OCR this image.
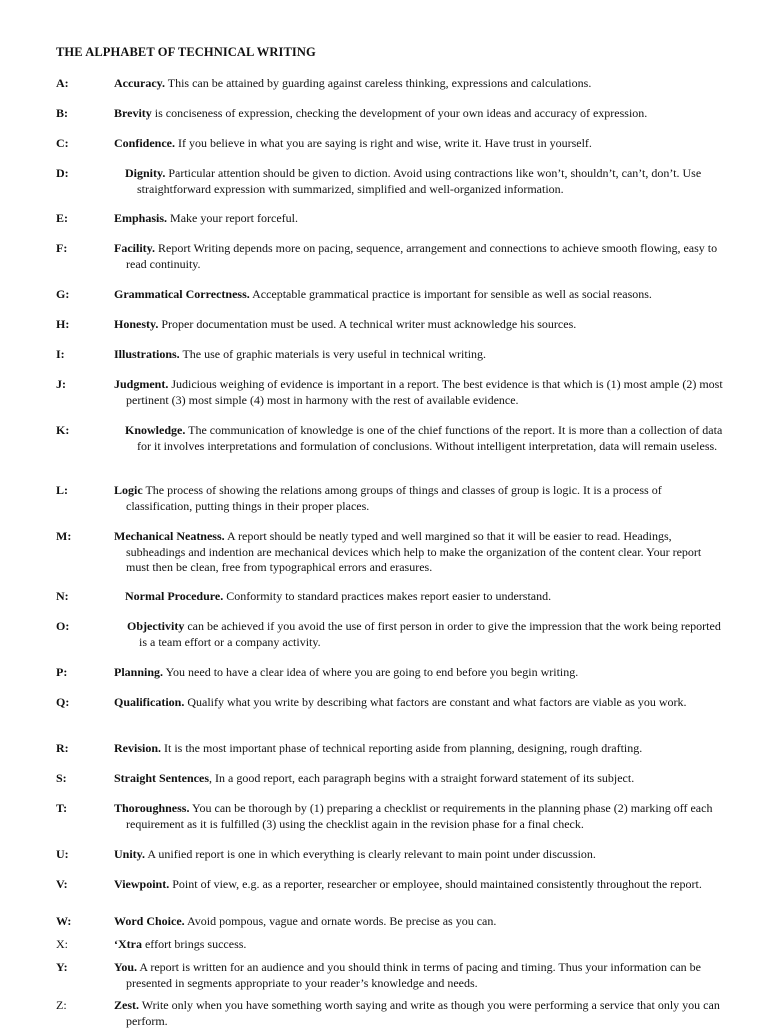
THE ALPHABET OF TECHNICAL WRITING
A:	Accuracy. This can be attained by guarding against careless thinking, expressions and calculations.
B:	Brevity is conciseness of expression, checking the development of your own ideas and accuracy of expression.
C:	Confidence. If you believe in what you are saying is right and wise, write it. Have trust in yourself.
D:	Dignity. Particular attention should be given to diction. Avoid using contractions like won’t, shouldn’t, can’t, don’t. Use straightforward expression with summarized, simplified and well-organized information.
E:	Emphasis. Make your report forceful.
F:	Facility. Report Writing depends more on pacing, sequence, arrangement and connections to achieve smooth flowing, easy to read continuity.
G:	Grammatical Correctness. Acceptable grammatical practice is important for sensible as well as social reasons.
H:	Honesty. Proper documentation must be used. A technical writer must acknowledge his sources.
I:	Illustrations. The use of graphic materials is very useful in technical writing.
J:	Judgment. Judicious weighing of evidence is important in a report. The best evidence is that which is (1) most ample (2) most pertinent (3) most simple (4) most in harmony with the rest of available evidence.
K:	Knowledge. The communication of knowledge is one of the chief functions of the report. It is more than a collection of data for it involves interpretations and formulation of conclusions. Without intelligent interpretation, data will remain useless.
L:	Logic The process of showing the relations among groups of things and classes of group is logic. It is a process of classification, putting things in their proper places.
M:	Mechanical Neatness. A report should be neatly typed and well margined so that it will be easier to read. Headings, subheadings and indention are mechanical devices which help to make the organization of the content clear. Your report must then be clean, free from typographical errors and erasures.
N:	Normal Procedure. Conformity to standard practices makes report easier to understand.
O:	Objectivity can be achieved if you avoid the use of first person in order to give the impression that the work being reported is a team effort or a company activity.
P:	Planning. You need to have a clear idea of where you are going to end before you begin writing.
Q:	Qualification. Qualify what you write by describing what factors are constant and what factors are viable as you work.
R:	Revision. It is the most important phase of technical reporting aside from planning, designing, rough drafting.
S:	Straight Sentences, In a good report, each paragraph begins with a straight forward statement of its subject.
T:	Thoroughness. You can be thorough by (1) preparing a checklist or requirements in the planning phase (2) marking off each requirement as it is fulfilled (3) using the checklist again in the revision phase for a final check.
U:	Unity. A unified report is one in which everything is clearly relevant to main point under discussion.
V:	Viewpoint. Point of view, e.g. as a reporter, researcher or employee, should maintained consistently throughout the report.
W:	Word Choice. Avoid pompous, vague and ornate words. Be precise as you can.
X:	‘Xtra effort brings success.
Y:	You. A report is written for an audience and you should think in terms of pacing and timing. Thus your information can be presented in segments appropriate to your reader’s knowledge and needs.
Z:	Zest. Write only when you have something worth saying and write as though you were performing a service that only you can perform.
